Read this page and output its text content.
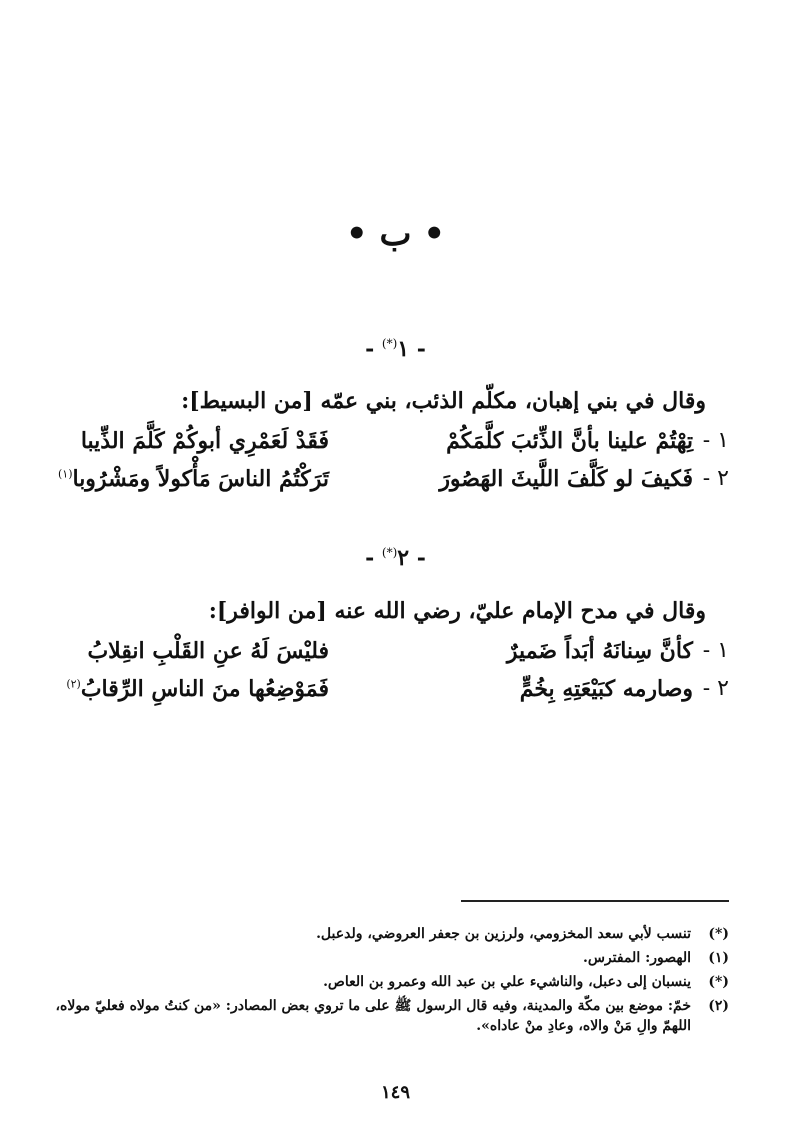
• ب •
- ١(*) -
وقال في بني إهبان، مكلّم الذئب، بني عمّه [من البسيط]:
١ -
تِهْتُمْ علينا بأنَّ الذِّئبَ كلَّمَكُمْ
فَقَدْ لَعَمْرِي أبوكُمْ كَلَّمَ الذِّيبا
٢ -
فَكيفَ لو كَلَّفَ اللَّيثَ الهَصُورَ
تَرَكْتُمُ الناسَ مَأْكولاً ومَشْرُوبا$^{(١)}$
- ٢(*) -
وقال في مدح الإمام عليّ، رضي الله عنه [من الوافر]:
١ -
كأنَّ سِنانَهُ أبَداً ضَميرٌ
فليْسَ لَهُ عنِ القَلْبِ انقِلابُ
٢ -
وصارمه كبَيْعَتِهِ بِخُمٍّ
فَمَوْضِعُها منَ الناسِ الرِّقابُ$^{(٢)}$
(*)
تنسب لأبي سعد المخزومي، ولرزين بن جعفر العروضي، ولدعبل.
(١)
الهصور: المفترس.
(*)
ينسبان إلى دعبل، والناشيء علي بن عبد الله وعمرو بن العاص.
(٢)
خمّ: موضع بين مكّة والمدينة، وفيه قال الرسول ﷺ على ما تروي بعض المصادر: «من كنتُ مولاه فعليّ مولاه، اللهمّ والِ مَنْ والاه، وعادِ منْ عاداه».
١٤٩
